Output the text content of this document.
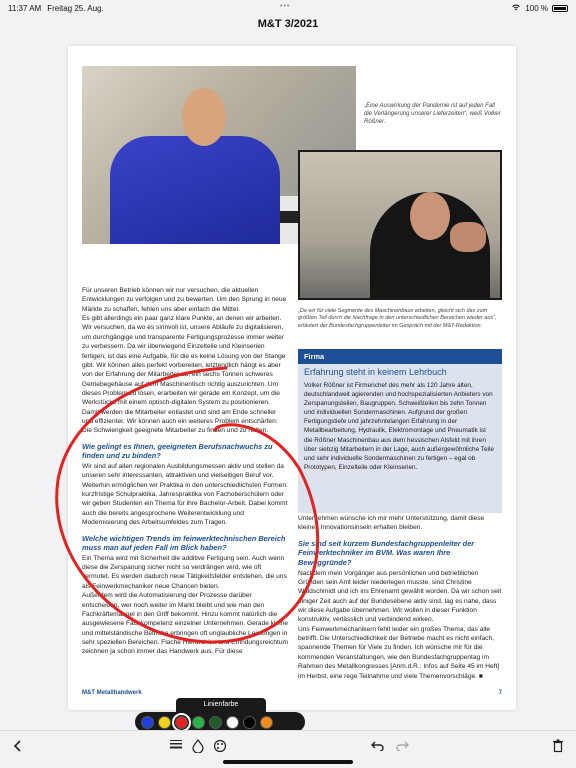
11:37 AM Freitag 25. Aug.	•••	100 %
M&T 3/2021
„Eine Auswirkung der Pandemie ist auf jeden Fall die Verlängerung unserer Lieferzeiten“, weiß Volker Rößner.
„Da wir für viele Segmente des Maschinenbaus arbeiten, gleicht sich das zum größten Teil durch die Nachfrage in den unterschiedlichen Bereichen wieder aus“, erläutert der Bundesfachgruppenleiter im Gespräch mit der M&T-Redaktion.

Für unseren Betrieb können wir nur versuchen, die aktuellen Entwicklungen zu verfolgen und zu bewerten. Um den Sprung in neue Märkte zu schaffen, fehlen uns aber einfach die Mittel.

Es gibt allerdings ein paar ganz klare Punkte, an denen wir arbeiten. Wir versuchen, da wo es sinnvoll ist, unsere Abläufe zu digitalisieren, um durchgängige und transparente Fertigungsprozesse immer weiter zu verbessern. Da wir überwiegend Einzelteile und Kleinserien fertigen, ist das eine Aufgabe, für die es keine Lösung von der Stange gibt. Wir können alles perfekt vorbereiten, letztendlich hängt es aber von der Erfahrung der Mitarbeiter ab, ein sechs Tonnen schweres Getriebegehäuse auf dem Maschinentisch richtig auszurichten. Um dieses Problem zu lösen, erarbeiten wir gerade ein Konzept, um die Werkstücke mit einem optisch-digitalen System zu positionieren. Damit werden die Mitarbeiter entlastet und sind am Ende schneller und effizienter. Wir können auch ein weiteres Problem entschärfen: Die Schwierigkeit geeignete Mitarbeiter zu finden und zu halten.

Wie gelingt es Ihnen, geeigneten Berufsnachwuchs zu finden und zu binden?

Wir sind auf allen regionalen Ausbildungsmessen aktiv und stellen da unseren sehr interessanten, attraktiven und vielseitigen Beruf vor. Weiterhin ermöglichen wir Praktika in den unterschiedlichsten Formen: kurzfristige Schulpraktika, Jahrespraktika von Fachoberschülern oder wir geben Studenten ein Thema für ihre Bachelor-Arbeit. Dabei kommt auch die bereits angesprochene Weiterentwicklung und Modernisierung des Arbeitsumfeldes zum Tragen.

Welche wichtigen Trends im feinwerktechnischen Bereich muss man auf jeden Fall im Blick haben?

Ein Thema wird mit Sicherheit die additive Fertigung sein. Auch wenn diese die Zerspanung sicher nicht so verdrängen wird, wie oft vermutet. Es werden dadurch neue Tätigkeitsfelder entstehen, die uns als Feinwerkmechaniker neue Chancen bieten.

Außerdem wird die Automatisierung der Prozesse darüber entscheiden, wer noch weiter im Markt bleibt und wie man den Fachkräftemangel in den Griff bekommt. Hinzu kommt natürlich die ausgewiesene Fachkompetenz einzelner Unternehmen. Gerade kleine und mittelständische Betriebe erbringen oft unglaubliche Leistungen in sehr speziellen Bereichen. Flache Hierarchien und Erfindungsreichtum zeichnen ja schon immer das Handwerk aus. Für diese

Firma
Erfahrung steht in keinem Lehrbuch
Volker Rößner ist Firmenchef des mehr als 120 Jahre alten, deutschlandweit agierenden und hochspezialisierten Anbieters von Zerspanungsteilen, Baugruppen, Schweißteilen bis zehn Tonnen und individuellen Sondermaschinen. Aufgrund der großen Fertigungstiefe und jahrzehntelangen Erfahrung in der Metallbearbeitung, Hydraulik, Elektromontage und Pneumatik ist die Rößner Maschinenbau aus dem hessischen Alsfeld mit ihren über siebzig Mitarbeitern in der Lage, auch außergewöhnliche Teile und sehr individuelle Sondermaschinen zu fertigen – egal ob Prototypen, Einzelteile oder Kleinserien.

Unternehmen wünsche ich mir mehr Unterstützung, damit diese kleinen Innovationsinseln erhalten bleiben.

Sie sind seit kurzem Bundesfachgruppenleiter der Feinwerktechniker im BVM. Was waren Ihre Beweggründe?

Nachdem mein Vorgänger aus persönlichen und betrieblichen Gründen sein Amt leider niederlegen musste, sind Christine Waldschmidt und ich ins Ehrenamt gewählt worden. Da wir schon seit einiger Zeit auch auf der Bundesebene aktiv sind, lag es nahe, dass wir diese Aufgabe übernehmen. Wir wollen in dieser Funktion konstruktiv, verlässlich und verbindend wirken.

Uns Feinwerkmechanikern fehlt leider ein großes Thema, das alle betrifft. Die Unterschiedlichkeit der Betriebe macht es nicht einfach, spannende Themen für Viele zu finden. Ich wünsche mir für die kommenden Veranstaltungen, wie den Bundesfachgruppentag im Rahmen des Metallkongresses [Anm.d.R.: Infos auf Seite 45 im Heft] im Herbst, eine rege Teilnahme und viele Themenvorschläge. ■

M&T Metallhandwerk	7
Linienfarbe
